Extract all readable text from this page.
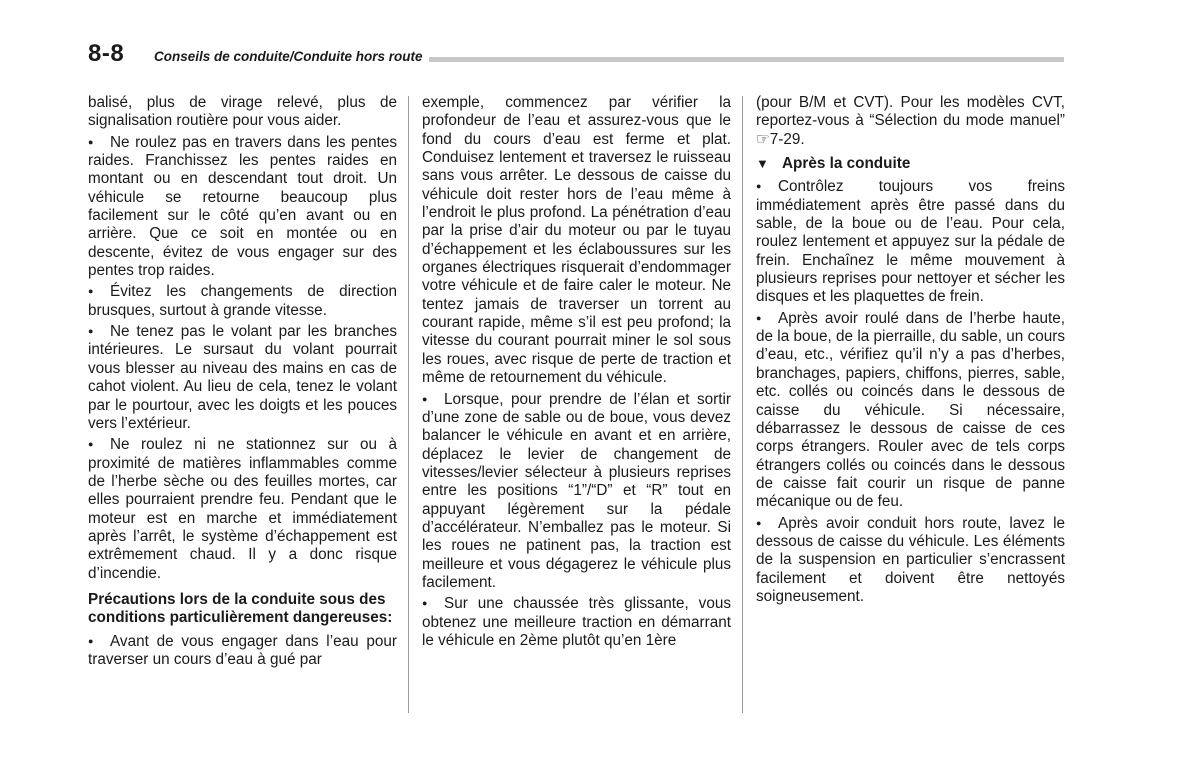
8-8 Conseils de conduite/Conduite hors route

balisé, plus de virage relevé, plus de signalisation routière pour vous aider.

● Ne roulez pas en travers dans les pentes raides. Franchissez les pentes raides en montant ou en descendant tout droit. Un véhicule se retourne beaucoup plus facilement sur le côté qu’en avant ou en arrière. Que ce soit en montée ou en descente, évitez de vous engager sur des pentes trop raides.

● Évitez les changements de direction brusques, surtout à grande vitesse.

● Ne tenez pas le volant par les branches intérieures. Le sursaut du volant pourrait vous blesser au niveau des mains en cas de cahot violent. Au lieu de cela, tenez le volant par le pourtour, avec les doigts et les pouces vers l’extérieur.

● Ne roulez ni ne stationnez sur ou à proximité de matières inflammables comme de l’herbe sèche ou des feuilles mortes, car elles pourraient prendre feu. Pendant que le moteur est en marche et immédiatement après l’arrêt, le système d’échappement est extrêmement chaud. Il y a donc risque d’incendie.

Précautions lors de la conduite sous des conditions particulièrement dangereuses:

● Avant de vous engager dans l’eau pour traverser un cours d’eau à gué par

exemple, commencez par vérifier la profondeur de l’eau et assurez-vous que le fond du cours d’eau est ferme et plat. Conduisez lentement et traversez le ruisseau sans vous arrêter. Le dessous de caisse du véhicule doit rester hors de l’eau même à l’endroit le plus profond. La pénétration d’eau par la prise d’air du moteur ou par le tuyau d’échappement et les éclaboussures sur les organes électriques risquerait d’endommager votre véhicule et de faire caler le moteur. Ne tentez jamais de traverser un torrent au courant rapide, même s’il est peu profond; la vitesse du courant pourrait miner le sol sous les roues, avec risque de perte de traction et même de retournement du véhicule.

● Lorsque, pour prendre de l’élan et sortir d’une zone de sable ou de boue, vous devez balancer le véhicule en avant et en arrière, déplacez le levier de changement de vitesses/levier sélecteur à plusieurs reprises entre les positions “1”/“D” et “R” tout en appuyant légèrement sur la pédale d’accélérateur. N’emballez pas le moteur. Si les roues ne patinent pas, la traction est meilleure et vous dégagerez le véhicule plus facilement.

● Sur une chaussée très glissante, vous obtenez une meilleure traction en démarrant le véhicule en 2ème plutôt qu’en 1ère

(pour B/M et CVT). Pour les modèles CVT, reportez-vous à “Sélection du mode manuel” ☞7-29.

▼ Après la conduite

● Contrôlez toujours vos freins immédiatement après être passé dans du sable, de la boue ou de l’eau. Pour cela, roulez lentement et appuyez sur la pédale de frein. Enchaînez le même mouvement à plusieurs reprises pour nettoyer et sécher les disques et les plaquettes de frein.

● Après avoir roulé dans de l’herbe haute, de la boue, de la pierraille, du sable, un cours d’eau, etc., vérifiez qu’il n’y a pas d’herbes, branchages, papiers, chiffons, pierres, sable, etc. collés ou coincés dans le dessous de caisse du véhicule. Si nécessaire, débarrassez le dessous de caisse de ces corps étrangers. Rouler avec de tels corps étrangers collés ou coincés dans le dessous de caisse fait courir un risque de panne mécanique ou de feu.

● Après avoir conduit hors route, lavez le dessous de caisse du véhicule. Les éléments de la suspension en particulier s’encrassent facilement et doivent être nettoyés soigneusement.
